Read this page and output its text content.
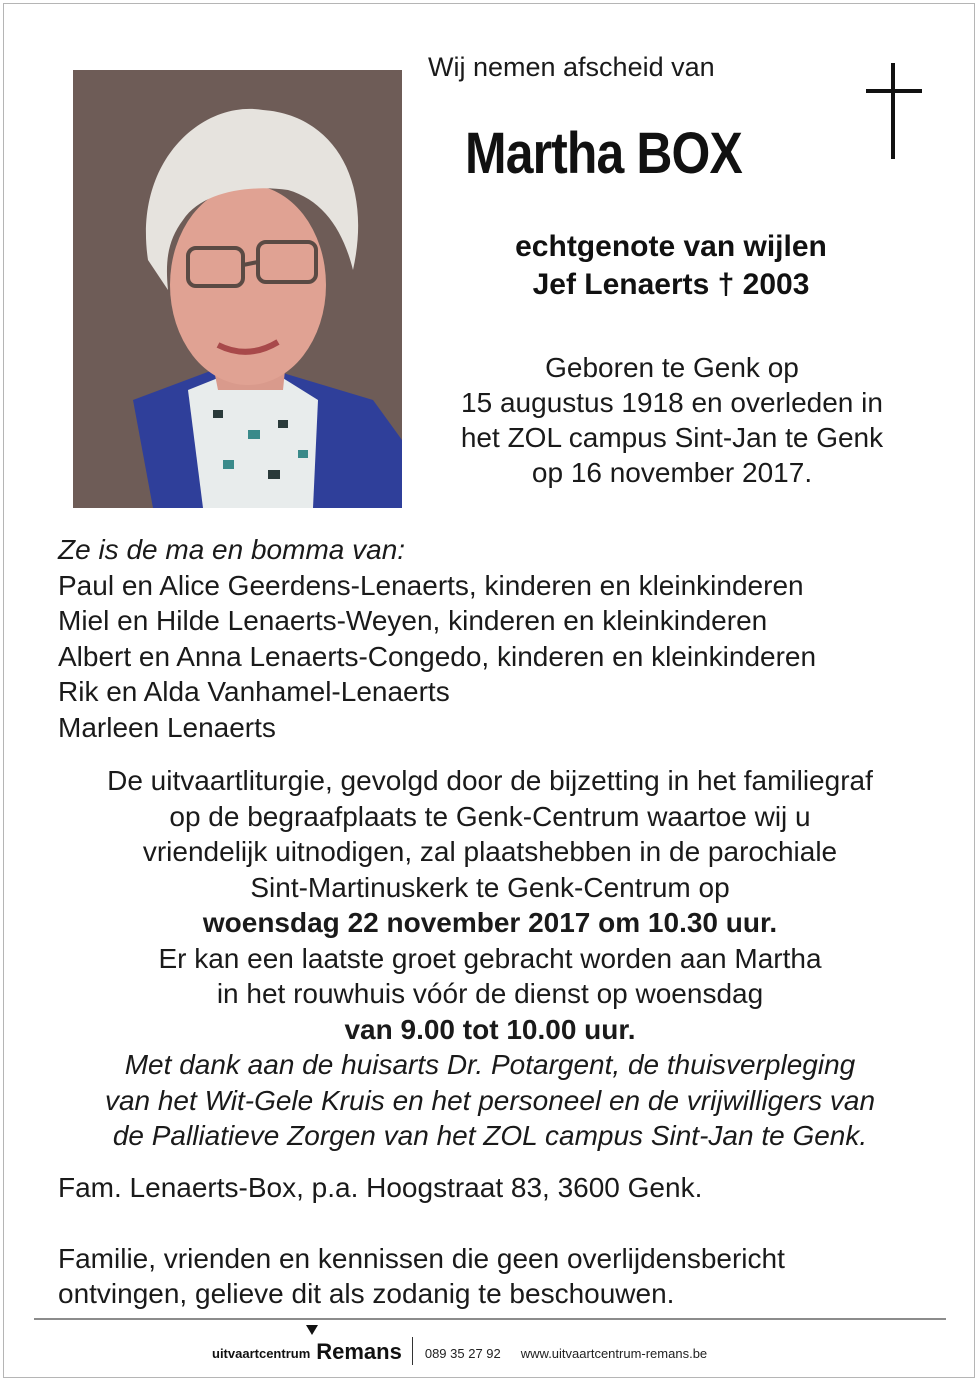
Wij nemen afscheid van
Martha BOX
echtgenote van wijlen
Jef Lenaerts † 2003
Geboren te Genk op
15 augustus 1918 en overleden in
het ZOL campus Sint-Jan te Genk
op 16 november 2017.
Ze is de ma en bomma van:
Paul en Alice Geerdens-Lenaerts, kinderen en kleinkinderen
Miel en Hilde Lenaerts-Weyen, kinderen en kleinkinderen
Albert en Anna Lenaerts-Congedo, kinderen en kleinkinderen
Rik en Alda Vanhamel-Lenaerts
Marleen Lenaerts
De uitvaartliturgie, gevolgd door de bijzetting in het familiegraf
op de begraafplaats te Genk-Centrum waartoe wij u
vriendelijk uitnodigen, zal plaatshebben in de parochiale
Sint-Martinuskerk te Genk-Centrum op
woensdag 22 november 2017 om 10.30 uur.
Er kan een laatste groet gebracht worden aan Martha
in het rouwhuis vóór de dienst op woensdag
van 9.00 tot 10.00 uur.
Met dank aan de huisarts Dr. Potargent, de thuisverpleging
van het Wit-Gele Kruis en het personeel en de vrijwilligers van
de Palliatieve Zorgen van het ZOL campus Sint-Jan te Genk.
Fam. Lenaerts-Box, p.a. Hoogstraat 83, 3600 Genk.
Familie, vrienden en kennissen die geen overlijdensbericht
ontvingen, gelieve dit als zodanig te beschouwen.
uitvaartcentrum Remans 089 35 27 92 www.uitvaartcentrum-remans.be
